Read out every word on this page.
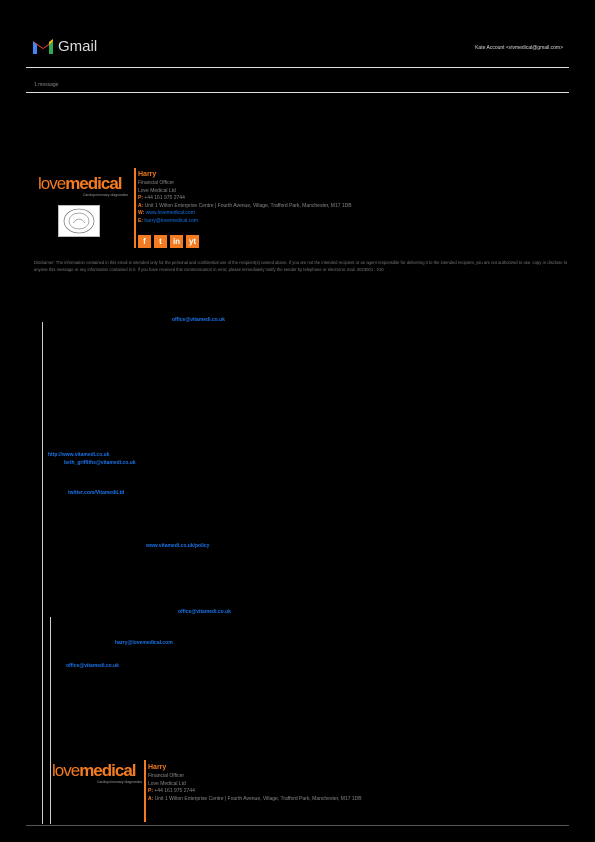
Gmail	Kate Account <vivmedical@gmail.com>
1 message
lovemedical
Cardiopulmonary diagnostics
Harry
Financial Officer
Love Medical Ltd
P: +44 161 975 2744
A: Unit 1 Wilton Enterprise Centre | Fourth Avenue, Village, Trafford Park, Manchester, M17 1DB
W: www.lovemedical.com
E: harry@lovemedical.com
f	t	in	yt
Disclaimer: The information contained in this email is intended only for the personal and confidential use of the recipient(s) named above. If you are not the intended recipient or an agent responsible for delivering it to the intended recipient, you are not authorized to use, copy or disclose to anyone this message or any information contained in it. If you have received this communication in error, please immediately notify the sender by telephone or electronic mail. 2023001 : 010
office@vitamedi.co.uk
http://www.vitamedi.co.uk
beth_griffiths@vitamedi.co.uk
twitter.com/VitamediLtd
www.vitamedi.co.uk/policy
office@vitamedi.co.uk
harry@lovemedical.com
office@vitamedi.co.uk
lovemedical
Cardiopulmonary diagnostics
Harry
Financial Officer
Love Medical Ltd
P: +44 161 975 2744
A: Unit 1 Wilton Enterprise Centre | Fourth Avenue, Village, Trafford Park, Manchester, M17 1DB
